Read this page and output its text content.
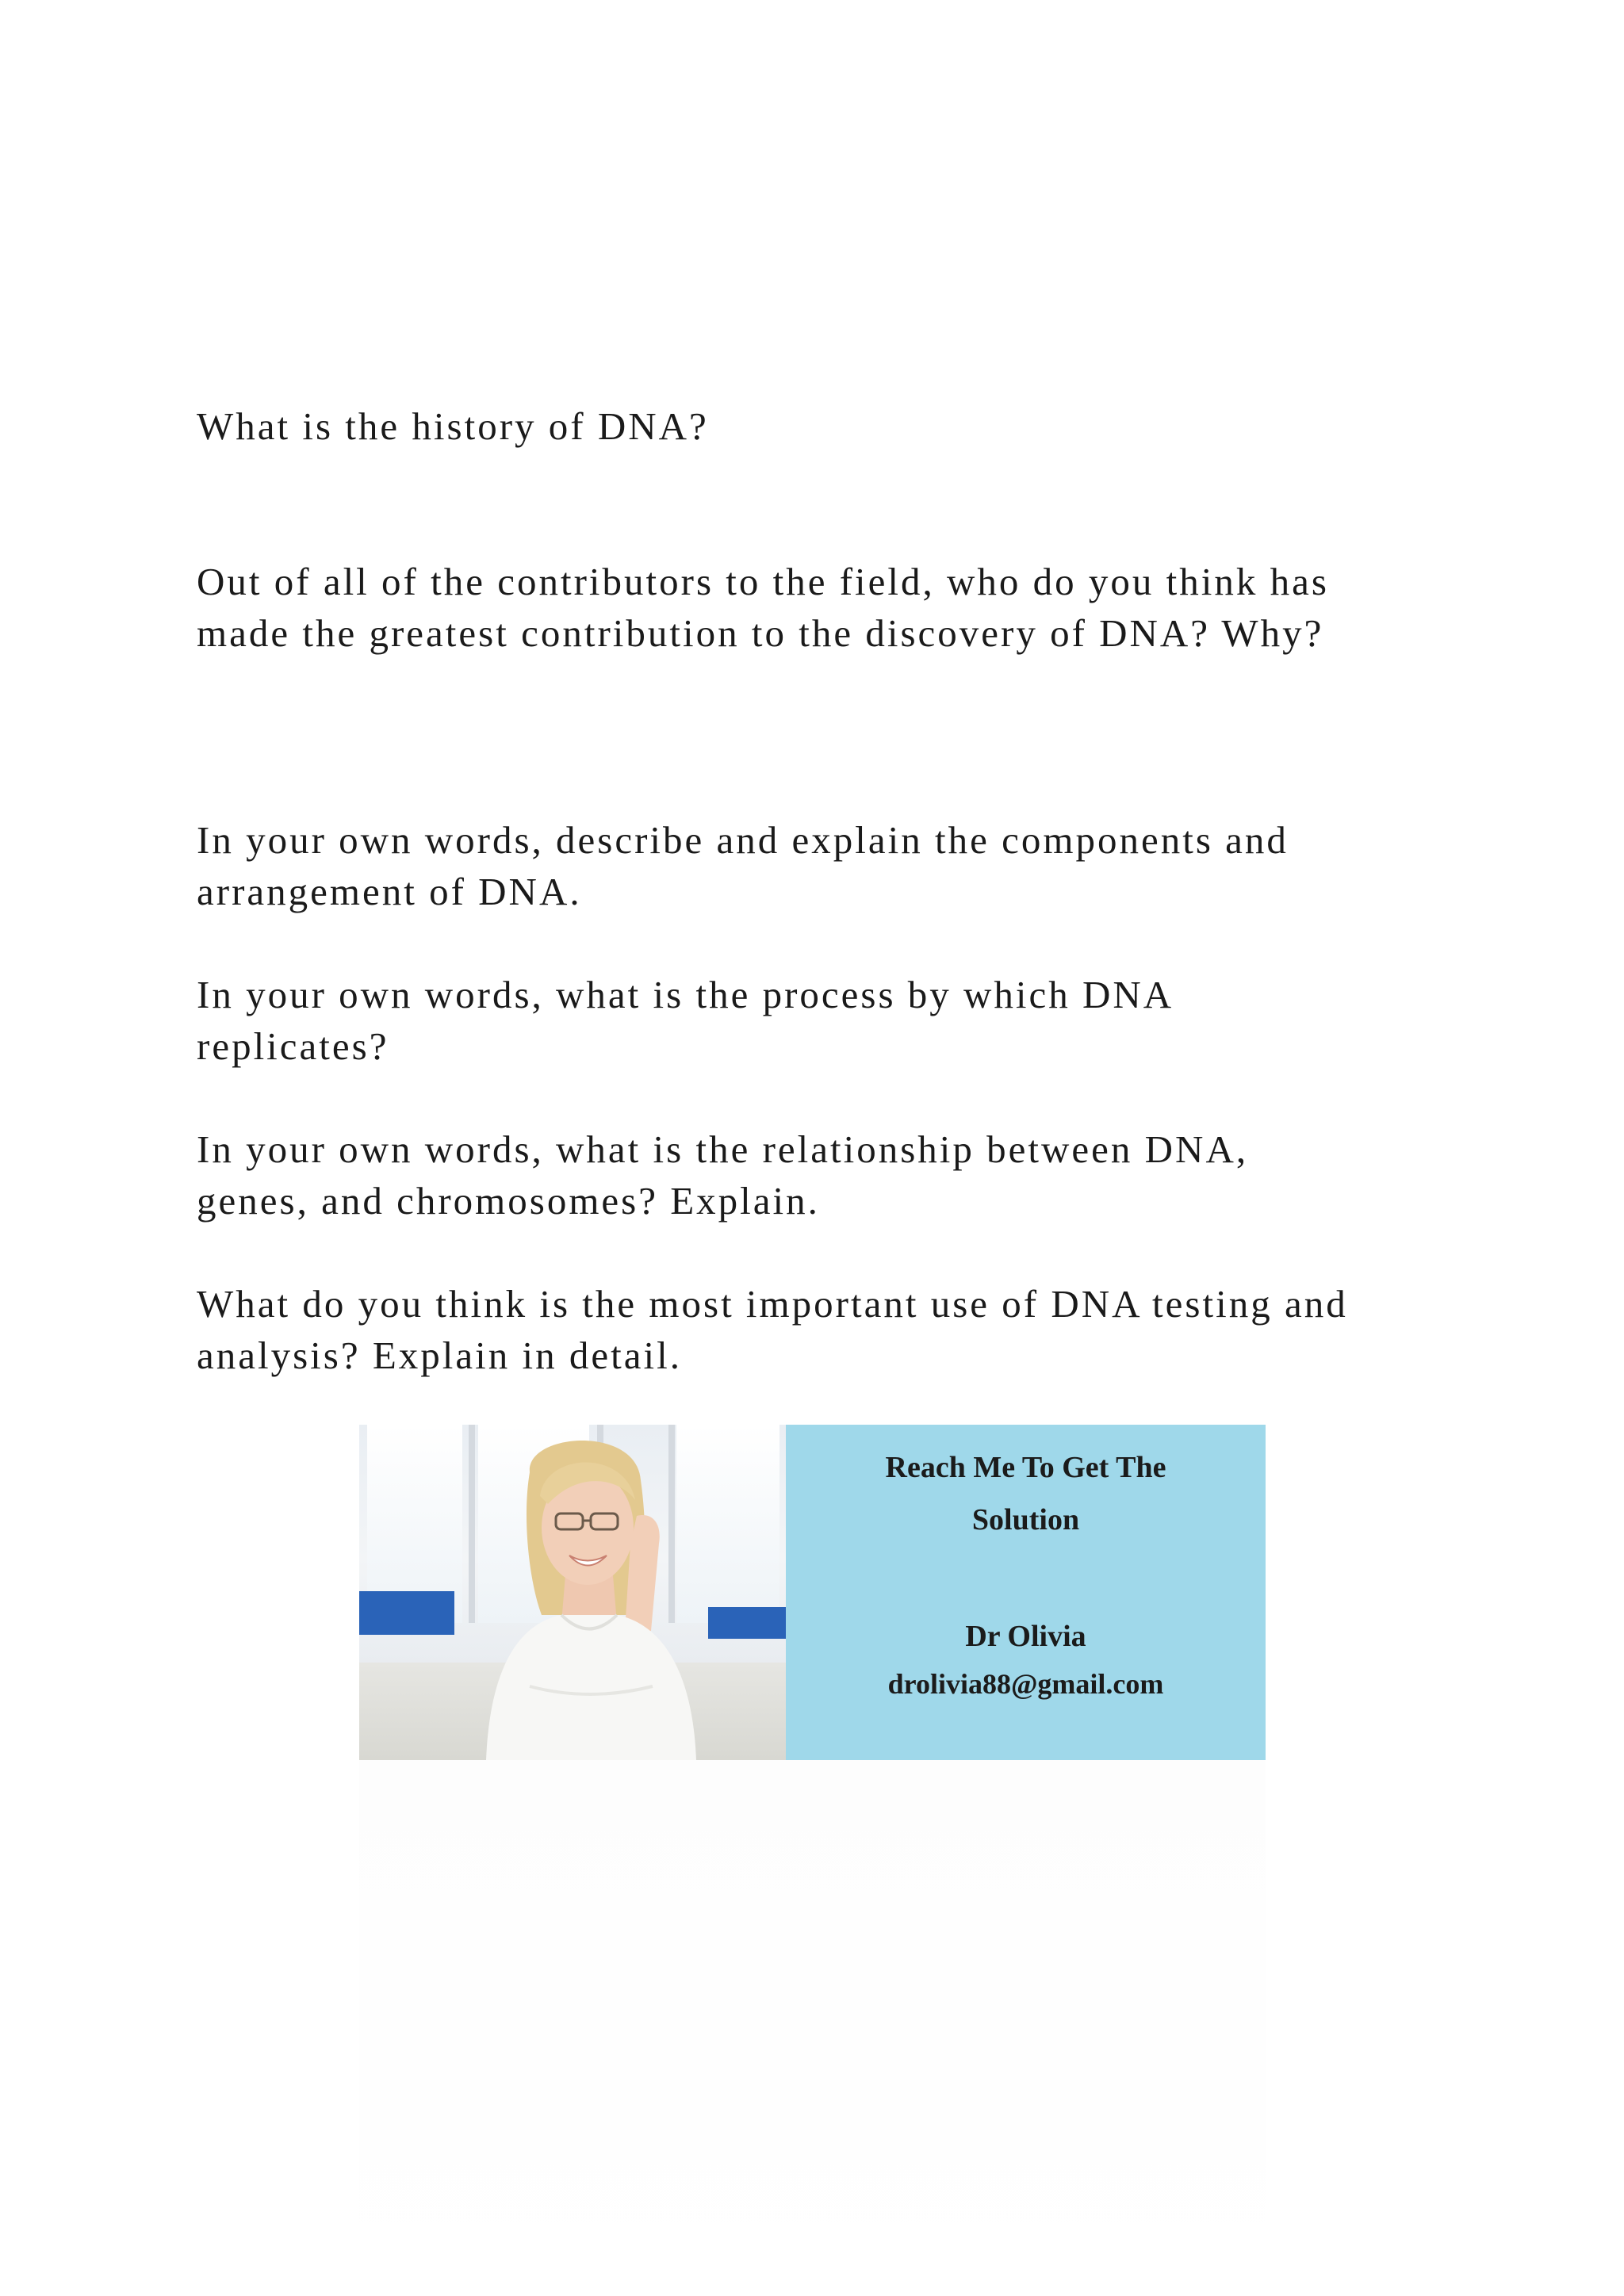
What is the history of DNA?

Out of all of the contributors to the field, who do you think has
made the greatest contribution to the discovery of DNA? Why?

In your own words, describe and explain the components and
arrangement of DNA.

In your own words, what is the process by which DNA
replicates?

In your own words, what is the relationship between DNA,
genes, and chromosomes? Explain.

What do you think is the most important use of DNA testing and
analysis? Explain in detail.

Reach Me To Get The
Solution
Dr Olivia
drolivia88@gmail.com
